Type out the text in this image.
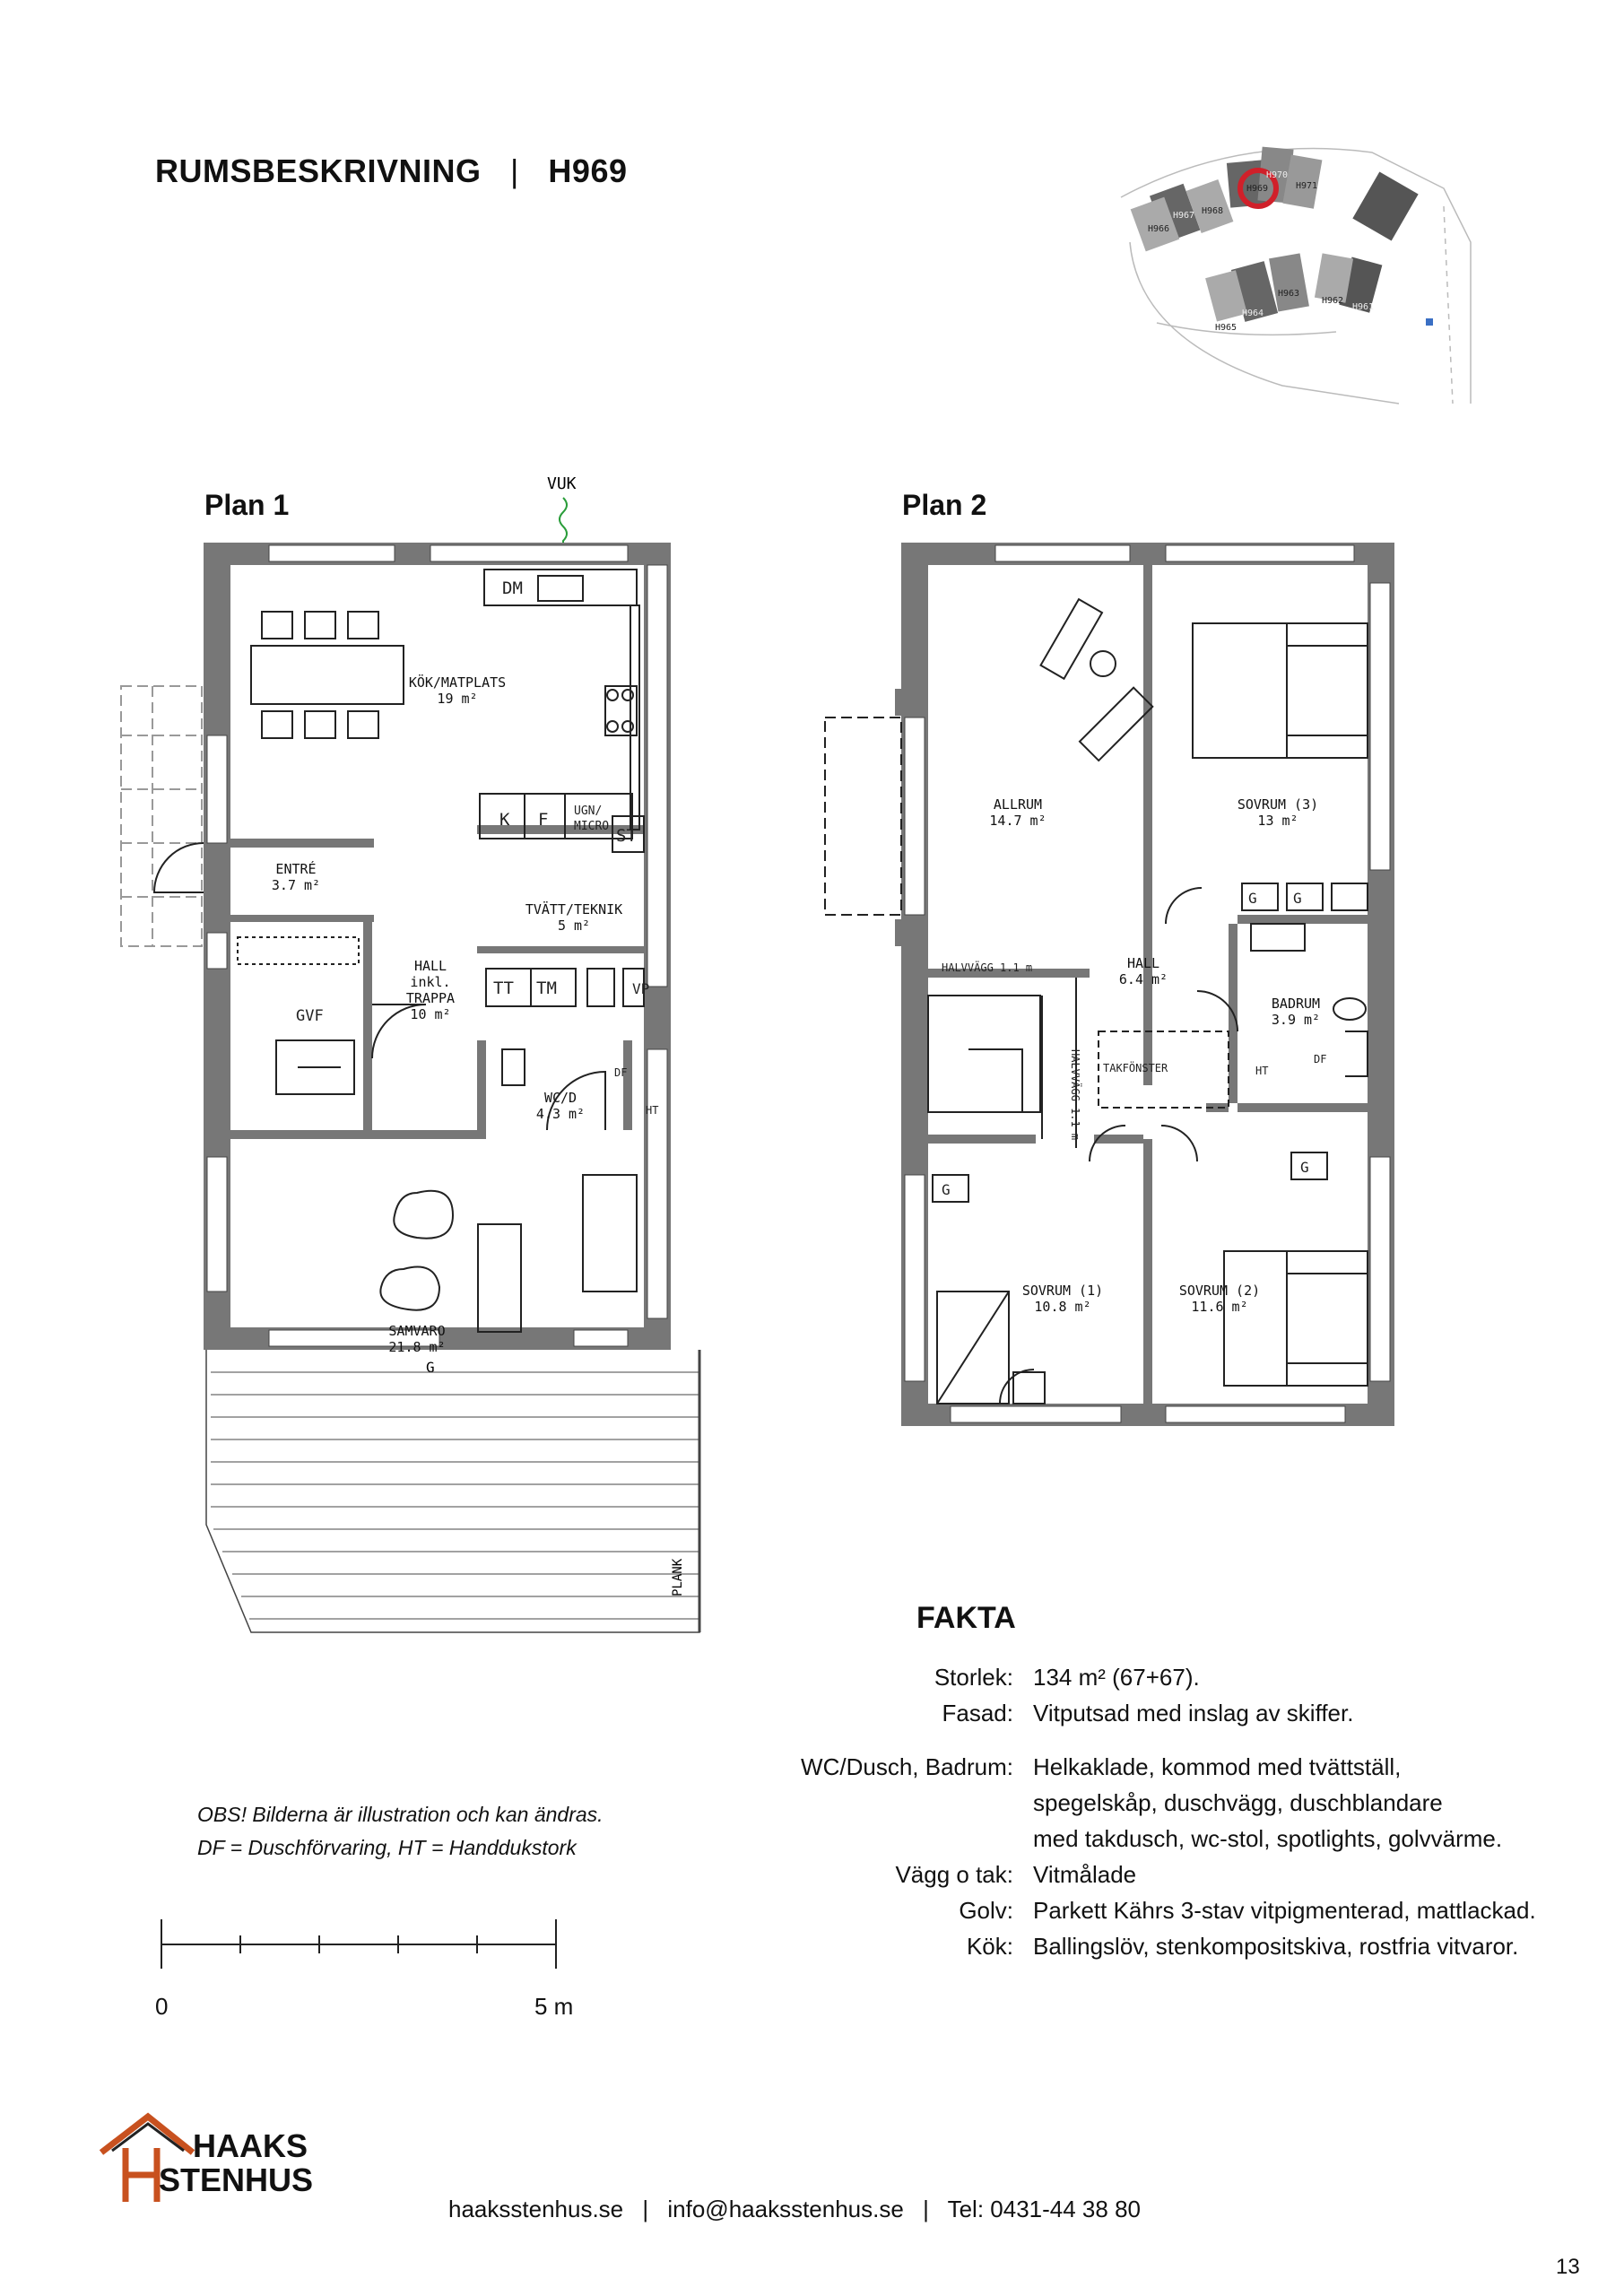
RUMSBESKRIVNING | H969
H966
H967 H968
H969
H970
H971
H965
H964
H963
H962
H961
Plan 1	Plan 2
VUK
DM
K F
ST
UGN/
MICRO
TT TM	VP
GVF
DF
HT
G
PLANK
KÖK/MATPLATS
19 m²
ENTRÉ
3.7 m²
TVÄTT/TEKNIK
5 m²
HALL
inkl.
TRAPPA
10 m²
WC/D
4.3 m²
SAMVARO
21.8 m²
G	G
G
G
HALVVÄGG 1.1 m
TAKFÖNSTER	HT
DF
HALVVÄGG 1.1 m
ALLRUM
14.7 m²
SOVRUM (3)
13 m²
HALL
6.4 m²
BADRUM
3.9 m²
SOVRUM (1)
10.8 m²
SOVRUM (2)
11.6 m²
FAKTA
Storlek: 134 m² (67+67).
Fasad: Vitputsad med inslag av skiffer.
WC/Dusch, Badrum: Helkaklade, kommod med tvättställ,
spegelskåp, duschvägg, duschblandare
med takdusch, wc-stol, spotlights, golvvärme.
Vägg o tak: Vitmålade
Golv: Parkett Kährs 3-stav vitpigmenterad, mattlackad.
Kök: Ballingslöv, stenkompositskiva, rostfria vitvaror.
OBS! Bilderna är illustration och kan ändras.
DF = Duschförvaring, HT = Handdukstork
0	5 m
HAAKS
STENHUS
haaksstenhus.se | info@haaksstenhus.se | Tel: 0431-44 38 80
13
